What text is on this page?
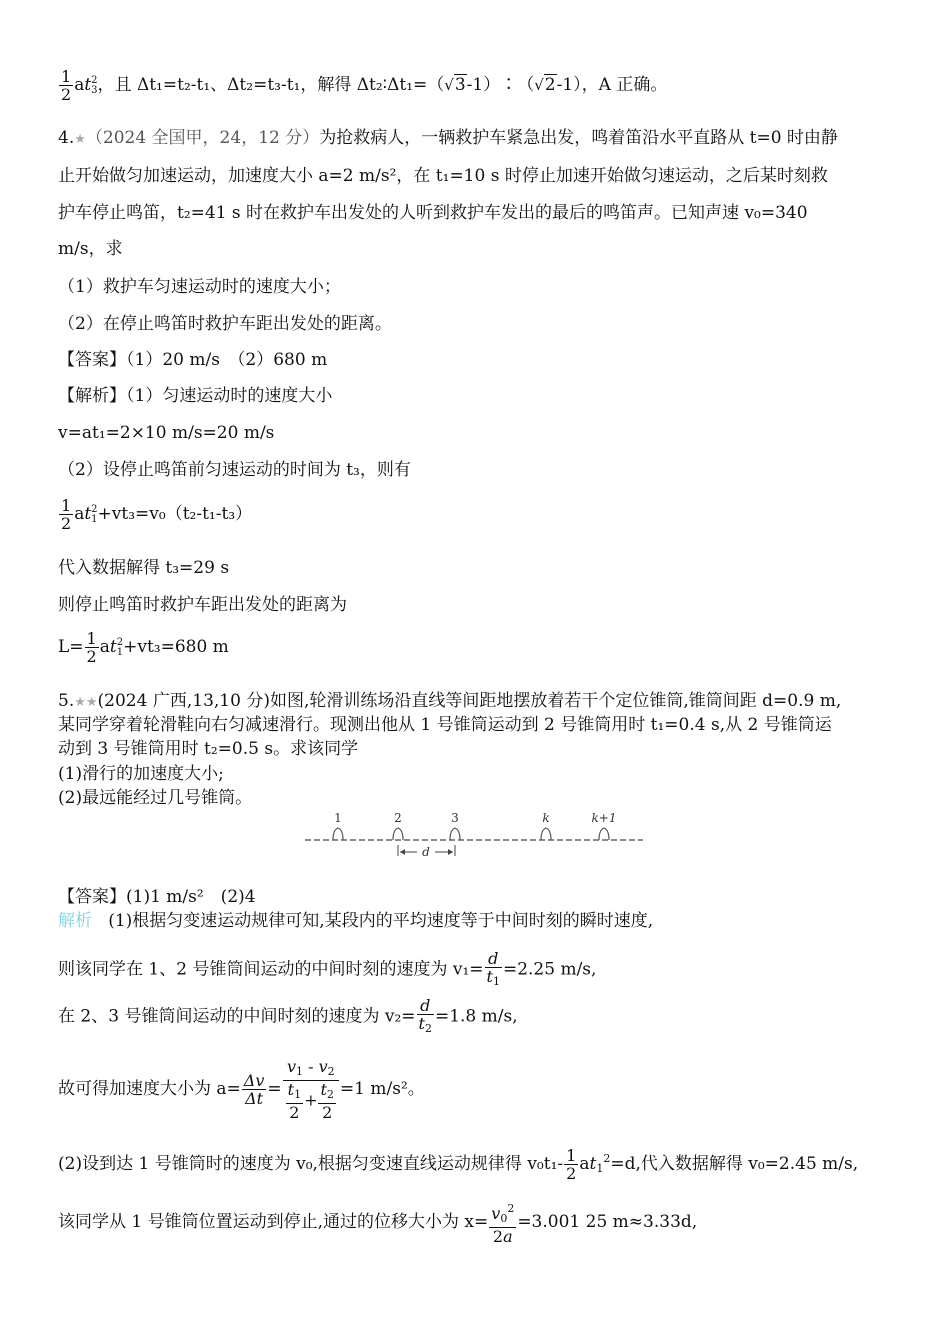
$\frac{1}{2} at2$
3，且 Δt₁=t₂-t₁、Δt₂=t₃-t₁，解得 Δt₂∶Δt₁=（√3-1）∶（√2-1），A 正确。
4.★（2024 全国甲，24，12 分）为抢救病人，一辆救护车紧急出发，鸣着笛沿水平直路从 t=0 时由静
止开始做匀加速运动，加速度大小 a=2 m/s²，在 t₁=10 s 时停止加速开始做匀速运动，之后某时刻救
护车停止鸣笛，t₂=41 s 时在救护车出发处的人听到救护车发出的最后的鸣笛声。已知声速 v₀=340
m/s，求
（1）救护车匀速运动时的速度大小；
（2）在停止鸣笛时救护车距出发处的距离。
【答案】（1）20 m/s　（2）680 m
【解析】（1）匀速运动时的速度大小
v=at₁=2×10 m/s=20 m/s
（2）设停止鸣笛前匀速运动的时间为 t₃，则有
$\frac{1}{2} at2$
1+vt₃=v₀（t₂-t₁-t₃）
代入数据解得 t₃=29 s
则停止鸣笛时救护车距出发处的距离为
$L= \frac{1}{2} at2$
1+vt₃=680 m
5.★★(2024 广西,13,10 分)如图,轮滑训练场沿直线等间距地摆放着若干个定位锥筒,锥筒间距 d=0.9 m,
某同学穿着轮滑鞋向右匀减速滑行。现测出他从 1 号锥筒运动到 2 号锥筒用时 t₁=0.4 s,从 2 号锥筒运
动到 3 号锥筒用时 t₂=0.5 s。求该同学
(1)滑行的加速度大小;
(2)最远能经过几号锥筒。
1	2	3	k	k+1
d
【答案】(1)1 m/s²　(2)4
解析 (1)根据匀变速运动规律可知,某段内的平均速度等于中间时刻的瞬时速度,
则该同学在 1、2 号锥筒间运动的中间时刻的速度为 $v_1= \frac{d}{t_1} =2.25$ m/s,
在 2、3 号锥筒间运动的中间时刻的速度为 $v_2= \frac{d}{t_2} =1.8$ m/s,
故可得加速度大小为 $a= \frac{\Delta v}{\Delta t} = \frac{v_1 - v_2}{\frac{t_1}{2} + \frac{t_2}{2}} =1$ m/s²。
(2)设到达 1 号锥筒时的速度为 v₀,根据匀变速直线运动规律得 $v_0t_1- \frac{1}{2} at_1^2=d$,代入数据解得 v₀=2.45 m/s,
该同学从 1 号锥筒位置运动到停止,通过的位移大小为 $x= \frac{v_0^2}{2a} =3.001$ 25 m≈3.33d,
